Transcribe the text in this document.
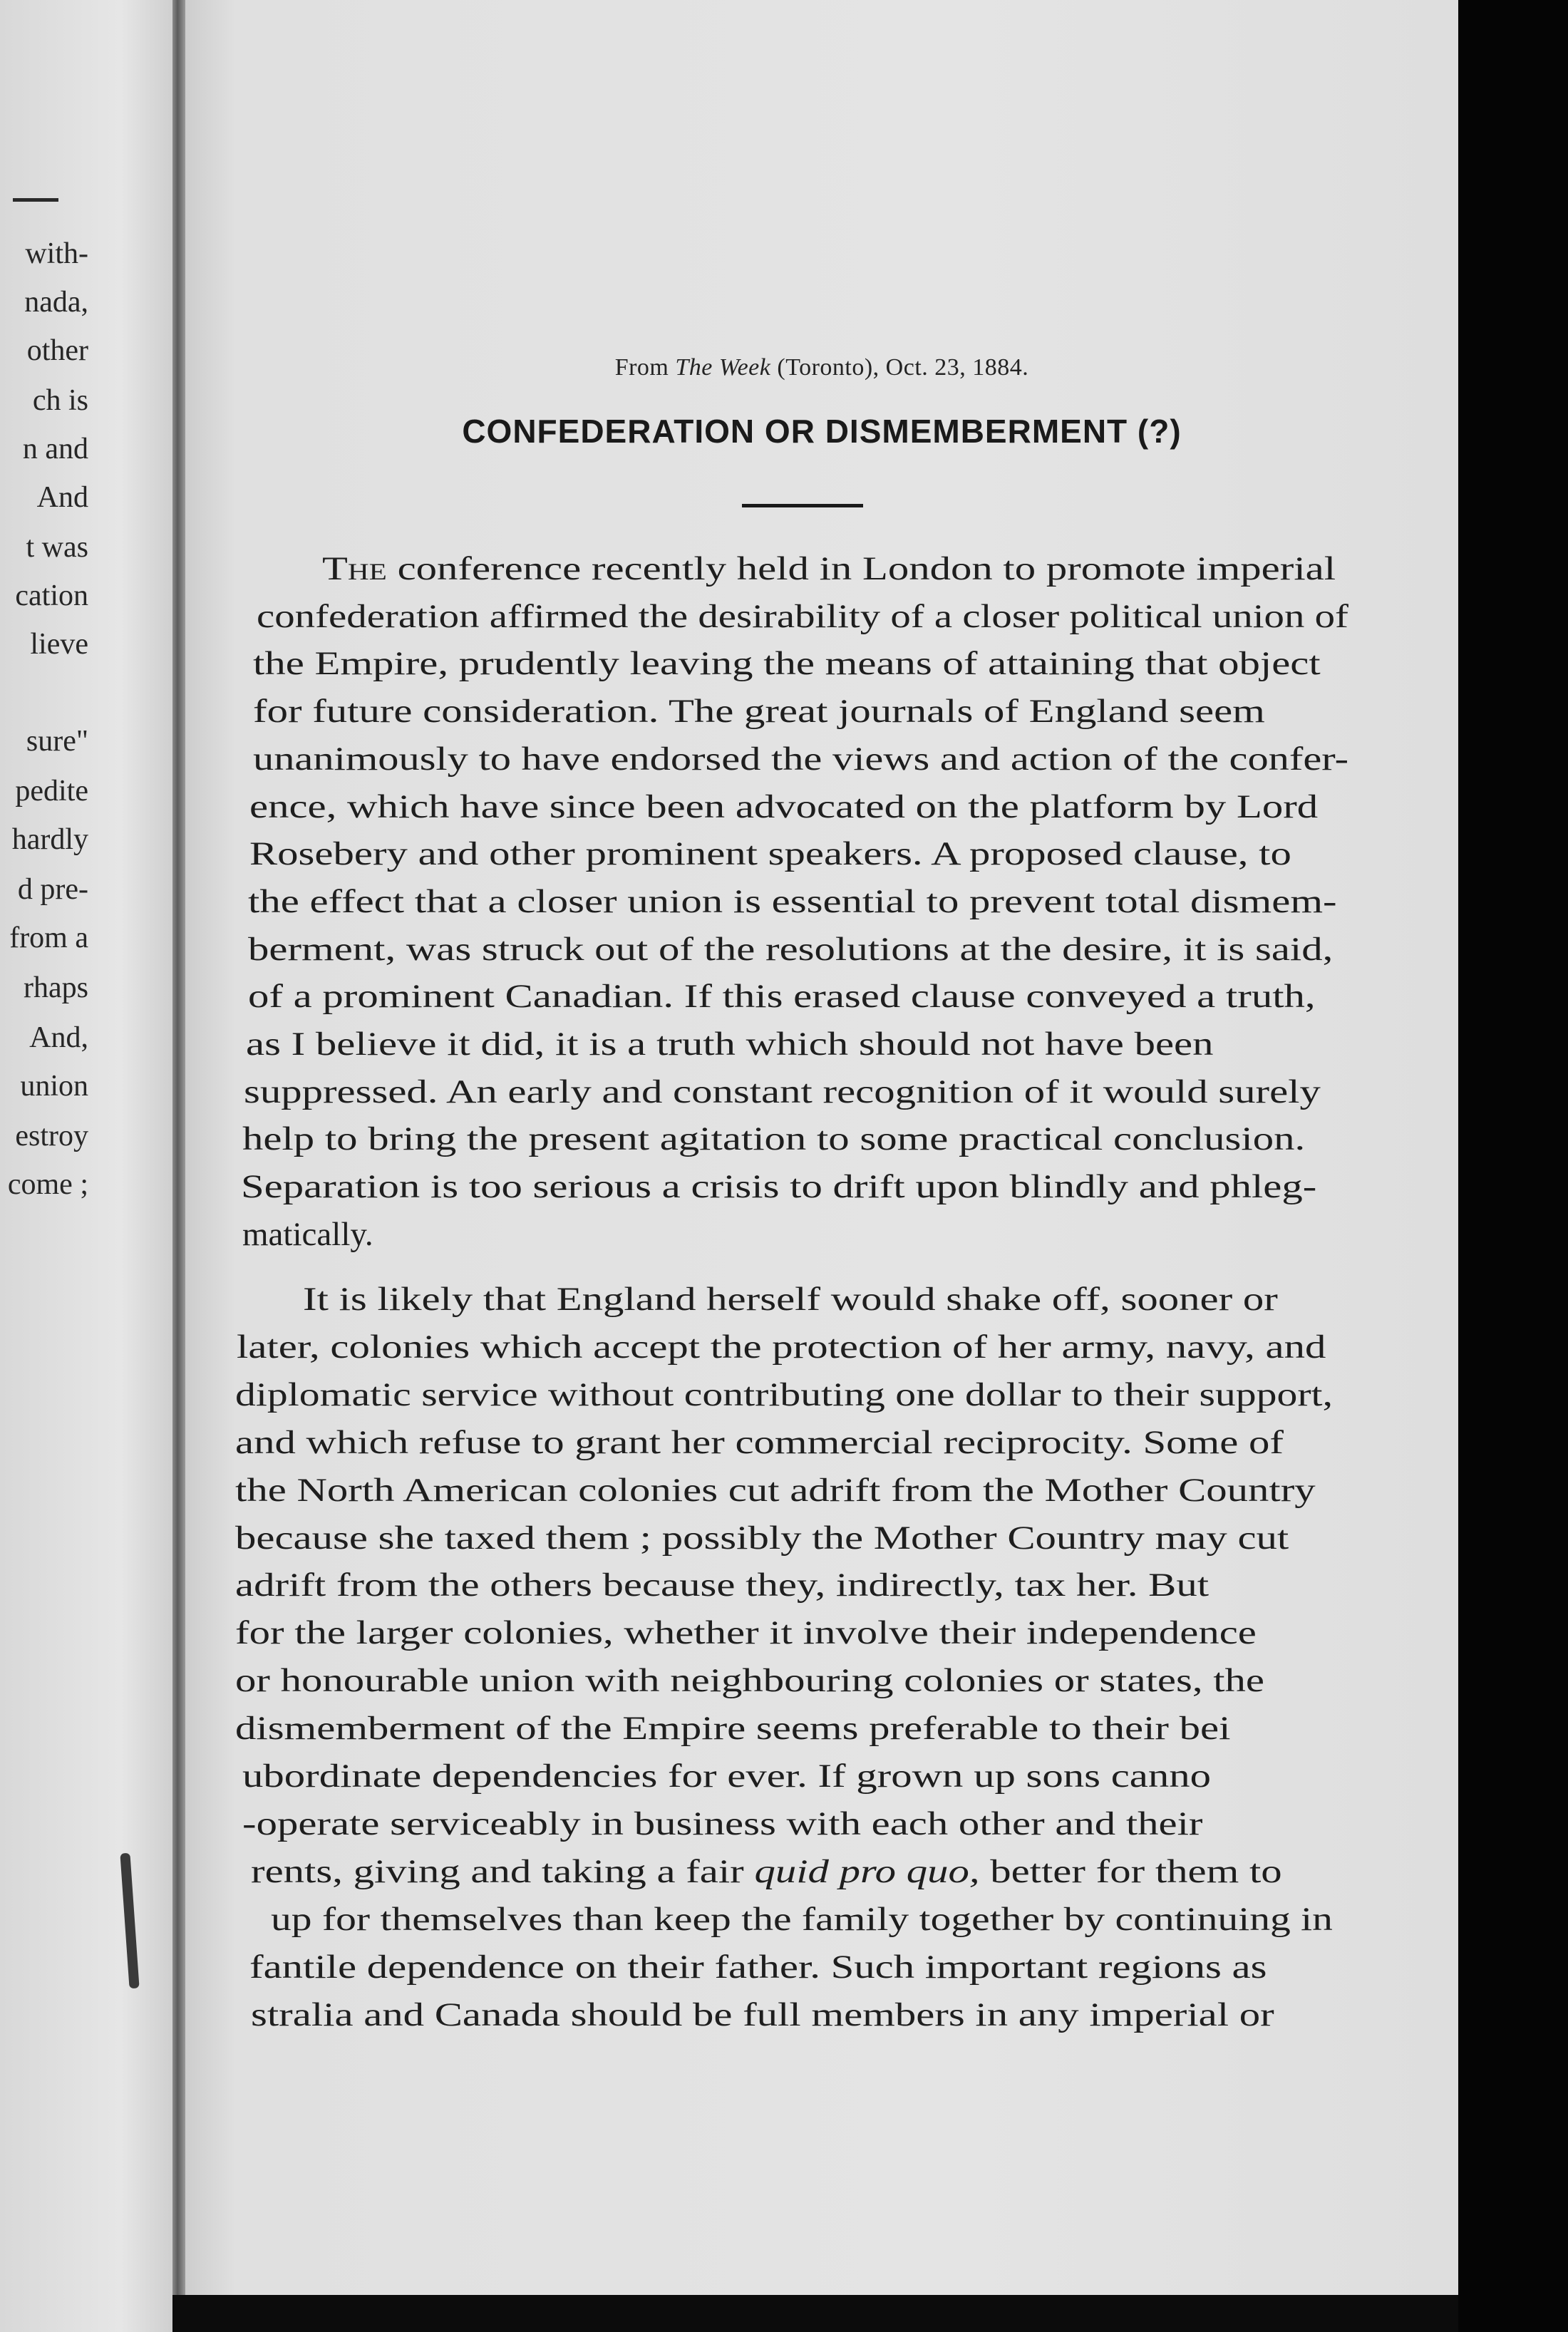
with-
nada,
other
ch is
n and
And
t was
cation
lieve
sure"
pedite
hardly
d pre-
from a
rhaps
And,
union
estroy
come ;
From The Week (Toronto), Oct. 23, 1884.
CONFEDERATION OR DISMEMBERMENT (?)
The conference recently held in London to promote imperial
confederation affirmed the desirability of a closer political union of
the Empire, prudently leaving the means of attaining that object
for future consideration. The great journals of England seem
unanimously to have endorsed the views and action of the confer-
ence, which have since been advocated on the platform by Lord
Rosebery and other prominent speakers. A proposed clause, to
the effect that a closer union is essential to prevent total dismem-
berment, was struck out of the resolutions at the desire, it is said,
of a prominent Canadian. If this erased clause conveyed a truth,
as I believe it did, it is a truth which should not have been
suppressed. An early and constant recognition of it would surely
help to bring the present agitation to some practical conclusion.
Separation is too serious a crisis to drift upon blindly and phleg-
matically.
It is likely that England herself would shake off, sooner or
later, colonies which accept the protection of her army, navy, and
diplomatic service without contributing one dollar to their support,
and which refuse to grant her commercial reciprocity. Some of
the North American colonies cut adrift from the Mother Country
because she taxed them ; possibly the Mother Country may cut
adrift from the others because they, indirectly, tax her. But
for the larger colonies, whether it involve their independence
or honourable union with neighbouring colonies or states, the
dismemberment of the Empire seems preferable to their bei
ubordinate dependencies for ever. If grown up sons canno
-operate serviceably in business with each other and their
rents, giving and taking a fair quid pro quo, better for them to
up for themselves than keep the family together by continuing in
fantile dependence on their father. Such important regions as
stralia and Canada should be full members in any imperial or
